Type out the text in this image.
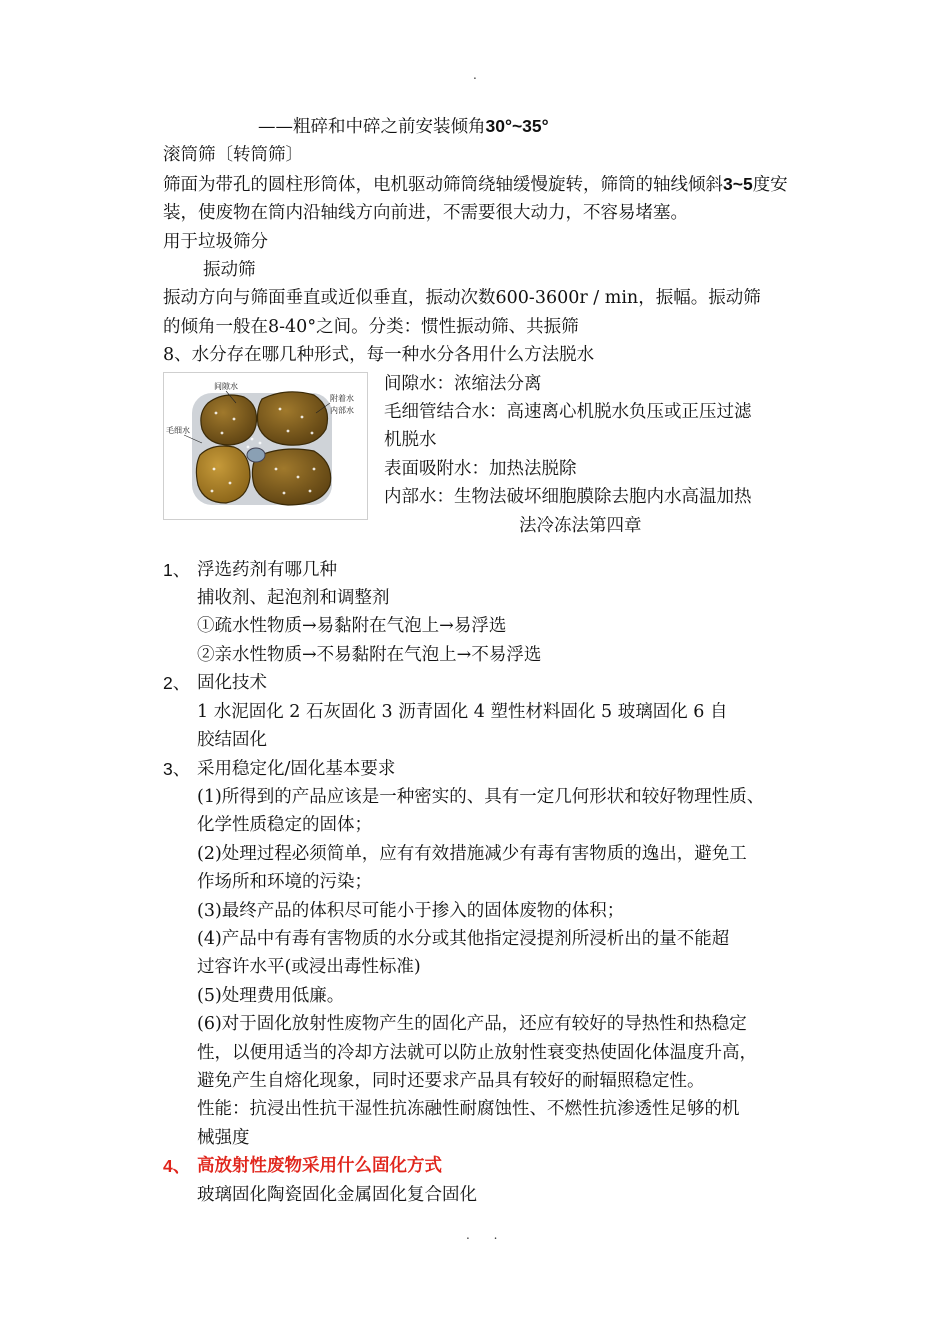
.

——粗碎和中碎之前安装倾角30°~35°

滚筒筛〔转筒筛〕

筛面为带孔的圆柱形筒体，电机驱动筛筒绕轴缓慢旋转，筛筒的轴线倾斜3~5度安装，使废物在筒内沿轴线方向前进，不需要很大动力，不容易堵塞。

用于垃圾筛分

振动筛

振动方向与筛面垂直或近似垂直，振动次数600-3600r / min，振幅。振动筛

的倾角一般在8-40°之间。分类：惯性振动筛、共振筛

8、水分存在哪几种形式，每一种水分各用什么方法脱水

间隙水
毛细水
附着水
内部水

间隙水：浓缩法分离

毛细管结合水：高速离心机脱水负压或正压过滤

机脱水

表面吸附水：加热法脱除

内部水：生物法破坏细胞膜除去胞内水高温加热

法冷冻法第四章

1、 浮选药剂有哪几种

捕收剂、起泡剂和调整剂

①疏水性物质→易黏附在气泡上→易浮选

②亲水性物质→不易黏附在气泡上→不易浮选

2、 固化技术

1 水泥固化 2 石灰固化 3 沥青固化 4 塑性材料固化 5 玻璃固化 6 自

胶结固化

3、 采用稳定化/固化基本要求

(1)所得到的产品应该是一种密实的、具有一定几何形状和较好物理性质、

化学性质稳定的固体；

(2)处理过程必须简单，应有有效措施减少有毒有害物质的逸出，避免工

作场所和环境的污染；

(3)最终产品的体积尽可能小于掺入的固体废物的体积；

(4)产品中有毒有害物质的水分或其他指定浸提剂所浸析出的量不能超

过容许水平(或浸出毒性标准)

(5)处理费用低廉。

(6)对于固化放射性废物产生的固化产品，还应有较好的导热性和热稳定

性，以便用适当的冷却方法就可以防止放射性衰变热使固化体温度升高，

避免产生自熔化现象，同时还要求产品具有较好的耐辐照稳定性。

性能：抗浸出性抗干湿性抗冻融性耐腐蚀性、不燃性抗渗透性足够的机

械强度

4、 高放射性废物采用什么固化方式

玻璃固化陶瓷固化金属固化复合固化

. .
